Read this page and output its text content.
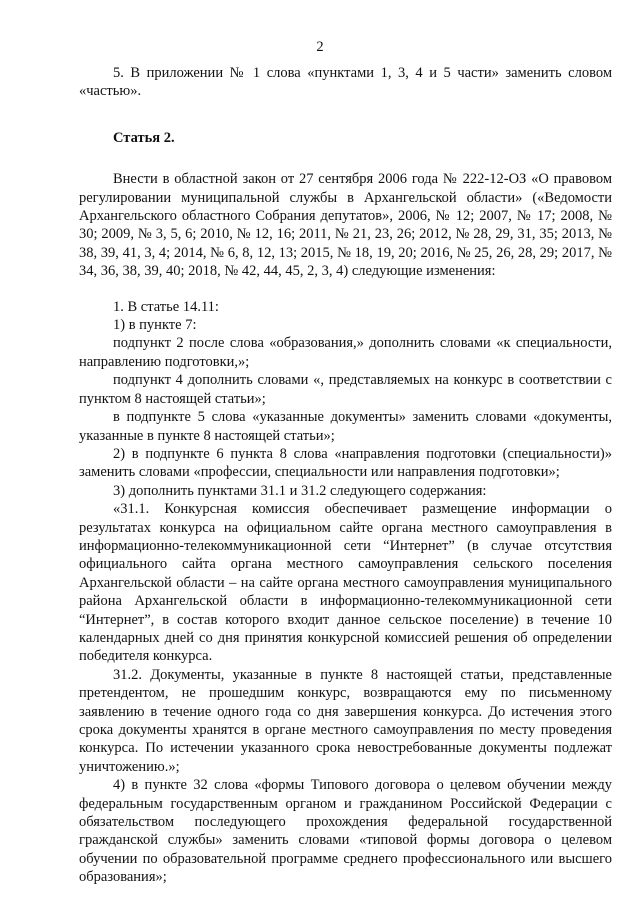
2

5. В приложении № 1 слова «пунктами 1, 3, 4 и 5 части» заменить словом «частью».

Статья 2.

Внести в областной закон от 27 сентября 2006 года № 222-12-ОЗ «О правовом регулировании муниципальной службы в Архангельской области» («Ведомости Архангельского областного Собрания депутатов», 2006, № 12; 2007, № 17; 2008, № 30; 2009, № 3, 5, 6; 2010, № 12, 16; 2011, № 21, 23, 26; 2012, № 28, 29, 31, 35; 2013, № 38, 39, 41, 3, 4; 2014, № 6, 8, 12, 13; 2015, № 18, 19, 20; 2016, № 25, 26, 28, 29; 2017, № 34, 36, 38, 39, 40; 2018, № 42, 44, 45, 2, 3, 4) следующие изменения:

1. В статье 14.11:

1) в пункте 7:

подпункт 2 после слова «образования,» дополнить словами «к специальности, направлению подготовки,»;

подпункт 4 дополнить словами «, представляемых на конкурс в соответствии с пунктом 8 настоящей статьи»;

в подпункте 5 слова «указанные документы» заменить словами «документы, указанные в пункте 8 настоящей статьи»;

2) в подпункте 6 пункта 8 слова «направления подготовки (специальности)» заменить словами «профессии, специальности или направления подготовки»;

3) дополнить пунктами 31.1 и 31.2 следующего содержания:

«31.1. Конкурсная комиссия обеспечивает размещение информации о результатах конкурса на официальном сайте органа местного самоуправления в информационно-телекоммуникационной сети “Интернет” (в случае отсутствия официального сайта органа местного самоуправления сельского поселения Архангельской области – на сайте органа местного самоуправления муниципального района Архангельской области в информационно-телекоммуникационной сети “Интернет”, в состав которого входит данное сельское поселение) в течение 10 календарных дней со дня принятия конкурсной комиссией решения об определении победителя конкурса.

31.2. Документы, указанные в пункте 8 настоящей статьи, представленные претендентом, не прошедшим конкурс, возвращаются ему по письменному заявлению в течение одного года со дня завершения конкурса. До истечения этого срока документы хранятся в органе местного самоуправления по месту проведения конкурса. По истечении указанного срока невостребованные документы подлежат уничтожению.»;

4) в пункте 32 слова «формы Типового договора о целевом обучении между федеральным государственным органом и гражданином Российской Федерации с обязательством последующего прохождения федеральной государственной гражданской службы» заменить словами «типовой формы договора о целевом обучении по образовательной программе среднего профессионального или высшего образования»;
